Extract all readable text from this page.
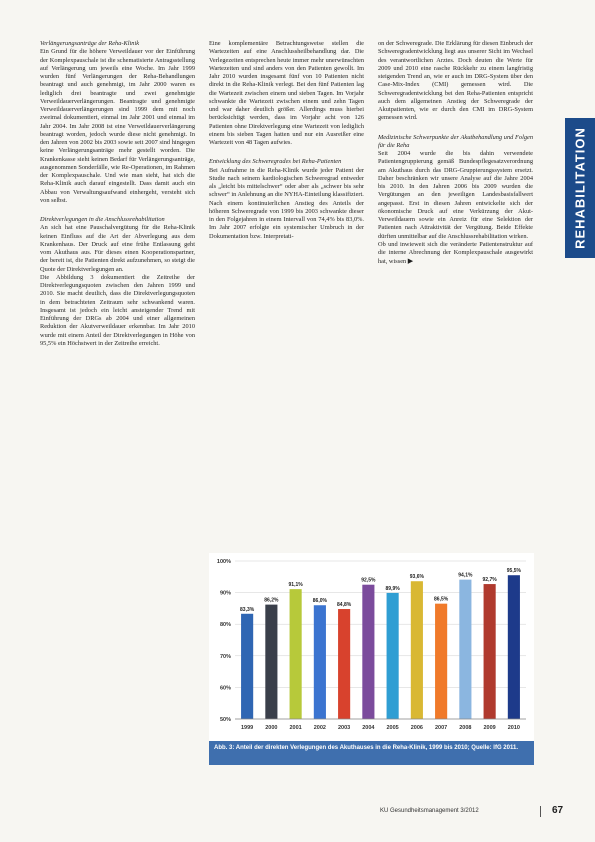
Verlängerungsanträge der Reha-Klinik

Ein Grund für die höhere Verweildauer vor der Einführung der Komplexpauschale ist die schematisierte Antragsstellung auf Verlängerung um jeweils eine Woche. Im Jahr 1999 wurden fünf Verlängerungen der Reha-Behandlungen beantragt und auch genehmigt, im Jahr 2000 waren es lediglich drei beantragte und zwei genehmigte Verweildauerverlängerungen. Beantragte und genehmigte Verweildauerverlängerungen sind 1999 dem mit noch zweimal dokumentiert, einmal im Jahr 2001 und einmal im Jahr 2004. Im Jahr 2008 ist eine Verweildauerverlängerung beantragt worden, jedoch wurde diese nicht genehmigt. In den Jahren von 2002 bis 2003 sowie seit 2007 sind hingegen keine Verlängerungsanträge mehr gestellt worden. Die Krankenkasse sieht keinen Bedarf für Verlängerungsanträge, ausgenommen Sonderfälle, wie Re-Operationen, im Rahmen der Komplexpauschale. Und wie man sieht, hat sich die Reha-Klinik auch darauf eingestellt. Dass damit auch ein Abbau von Verwaltungsaufwand einhergeht, versteht sich von selbst.

Direktverlegungen in die Anschlussrehabilitation

An sich hat eine Pauschalvergütung für die Reha-Klinik keinen Einfluss auf die Art der Abverlegung aus dem Krankenhaus. Der Druck auf eine frühe Entlassung geht vom Akuthaus aus. Für dieses einen Kooperationspartner, der bereit ist, die Patienten direkt aufzunehmen, so steigt die Quote der Direktverlegungen an.

Die Abbildung 3 dokumentiert die Zeitreihe der Direktverlegungsquoten zwischen den Jahren 1999 und 2010. Sie macht deutlich, dass die Direktverlegungsquoten in dem betrachteten Zeitraum sehr schwankend waren. Insgesamt ist jedoch ein leicht ansteigender Trend mit Einführung der DRGs ab 2004 und einer allgemeinen Reduktion der Akutverweildauer erkennbar. Im Jahr 2010 wurde mit einem Anteil der Direktverlegungen in Höhe von 95,5% ein Höchstwert in der Zeitreihe erreicht.

Eine komplementäre Betrachtungsweise stellen die Wartezeiten auf eine Anschlussheilbehandlung dar. Die Verlegezeiten entsprechen heute immer mehr unerwünschten Wartezeiten und sind anders von den Patienten gewollt. Im Jahr 2010 wurden insgesamt fünf von 10 Patienten nicht direkt in die Reha-Klinik verlegt. Bei den fünf Patienten lag die Wartezeit zwischen einem und sieben Tagen. Im Vorjahr schwankte die Wartezeit zwischen einem und zehn Tagen und war daher deutlich größer. Allerdings muss hierbei berücksichtigt werden, dass im Vorjahr acht von 126 Patienten ohne Direktverlegung eine Wartezeit von lediglich einem bis sieben Tagen hatten und nur ein Ausreißer eine Wartezeit von 48 Tagen aufwies.

Entwicklung des Schweregrades bei Reha-Patienten

Bei Aufnahme in die Reha-Klinik wurde jeder Patient der Studie nach seinem kardiologischen Schweregrad entweder als „leicht bis mittelschwer“ oder aber als „schwer bis sehr schwer“ in Anlehnung an die NYHA-Einteilung klassifiziert.

Nach einem kontinuierlichen Anstieg des Anteils der höheren Schweregrade von 1999 bis 2003 schwankte dieser in den Folgejahren in einem Intervall von 74,4% bis 83,0%. Im Jahr 2007 erfolgte ein systemischer Umbruch in der Dokumentation bzw. Interpretati-

on der Schweregrade. Die Erklärung für diesen Einbruch der Schweregradentwicklung liegt aus unserer Sicht im Wechsel des verantwortlichen Arztes. Doch deuten die Werte für 2009 und 2010 eine rasche Rückkehr zu einem langfristig steigenden Trend an, wie er auch im DRG-System über den Case-Mix-Index (CMI) gemessen wird. Die Schweregradentwicklung bei den Reha-Patienten entspricht auch dem allgemeinen Anstieg der Schweregrade der Akutpatienten, wie er durch den CMI im DRG-System gemessen wird.

Medizinische Schwerpunkte der Akutbehandlung und Folgen für die Reha

Seit 2004 wurde die bis dahin verwendete Patientengruppierung gemäß Bundespflegesatzverordnung am Akuthaus durch das DRG-Gruppierungssystem ersetzt. Daher beschränken wir unsere Analyse auf die Jahre 2004 bis 2010. In den Jahren 2006 bis 2009 wurden die Vergütungen an den jeweiligen Landesbasisfallwert angepasst. Erst in diesen Jahren entwickelte sich der ökonomische Druck auf eine Verkürzung der Akut-Verweildauern sowie ein Anreiz für eine Selektion der Patienten nach Attraktivität der Vergütung. Beide Effekte dürften unmittelbar auf die Anschlussrehabilitation wirken.

Ob und inwieweit sich die veränderte Patientenstruktur auf die interne Abrechnung der Komplexpauschale ausgewirkt hat, wissen ▶

REHABILITATION
50%
60%
70%
80%
90%
100%
83,3%
1999
86,2%
2000
91,1%
2001
86,0%
2002
84,8%
2003
92,5%
2004
89,9%
2005
93,6%
2006
86,5%
2007
94,1%
2008
92,7%
2009
95,5%
2010
Abb. 3: Anteil der direkten Verlegungen des Akuthauses in die Reha-Klinik, 1999 bis 2010; Quelle: IfG 2011.
KU Gesundheitsmanagement 3/2012	67
